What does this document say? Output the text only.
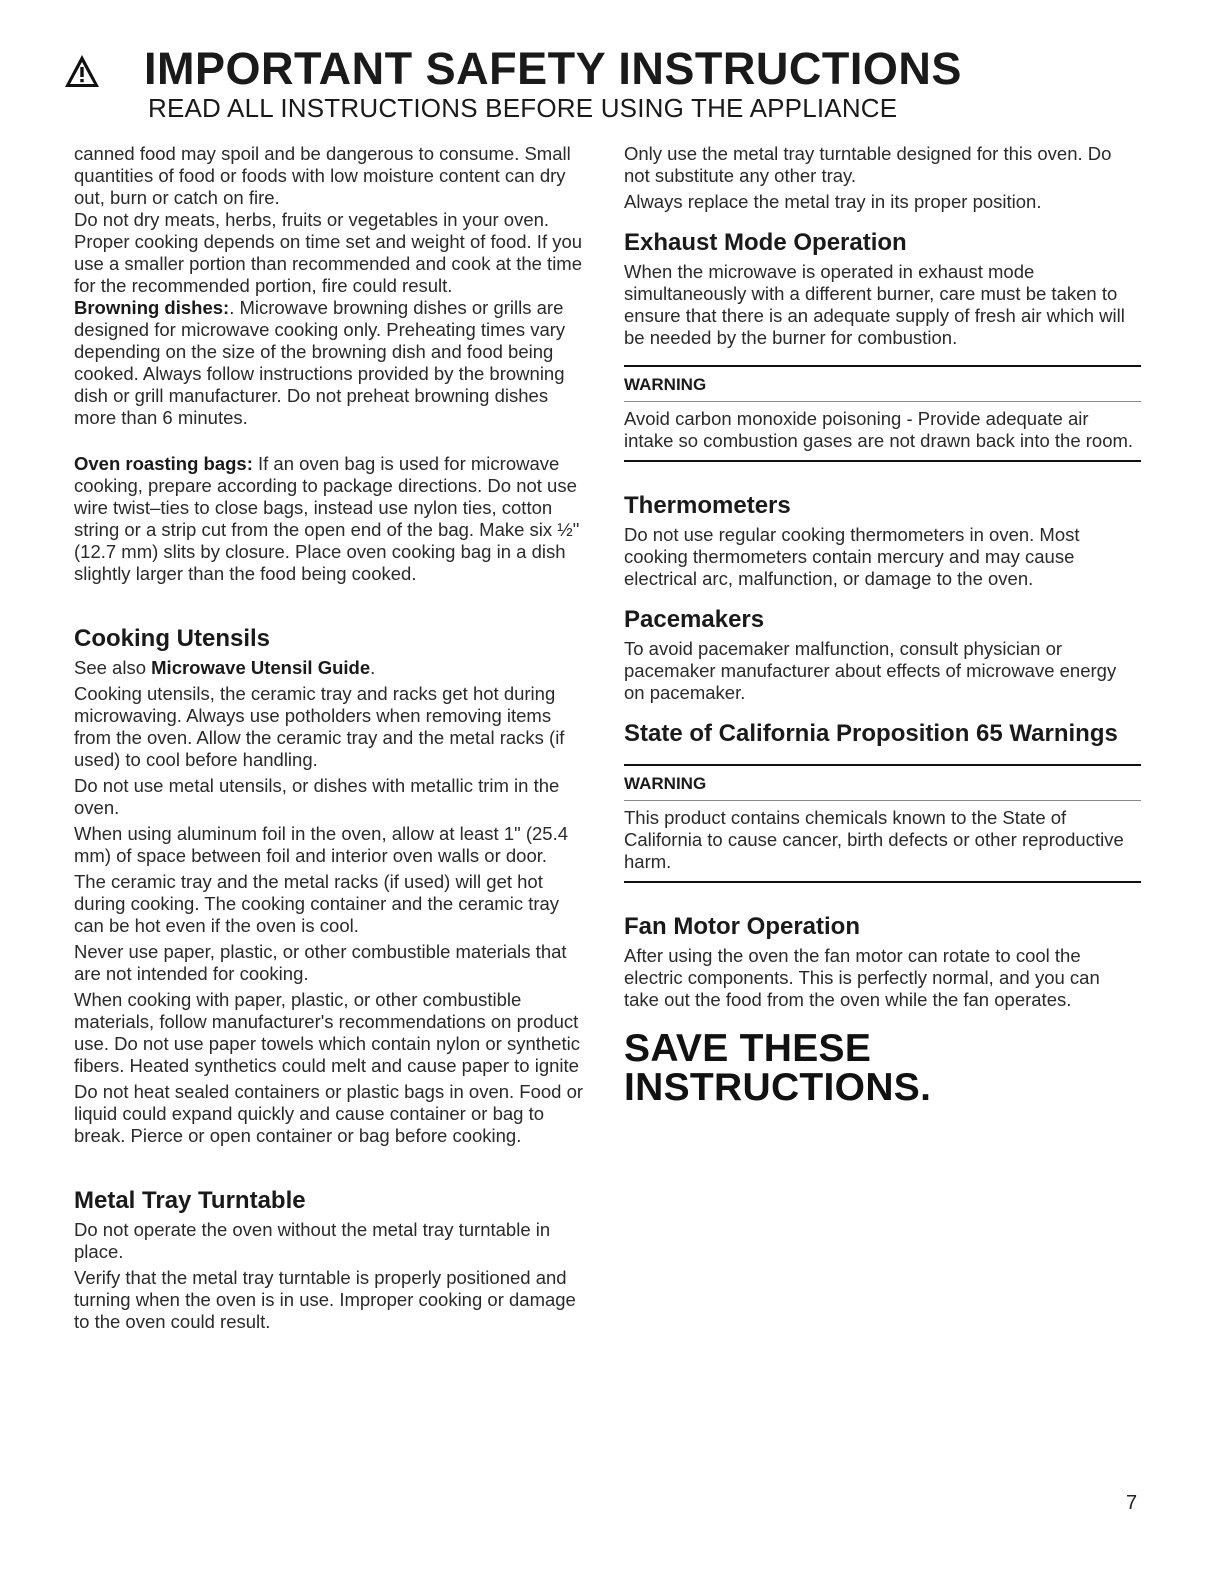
IMPORTANT SAFETY INSTRUCTIONS
READ ALL INSTRUCTIONS BEFORE USING THE APPLIANCE

canned food may spoil and be dangerous to consume. Small quantities of food or foods with low moisture content can dry out, burn or catch on fire.

Do not dry meats, herbs, fruits or vegetables in your oven.

Proper cooking depends on time set and weight of food. If you use a smaller portion than recommended and cook at the time for the recommended portion, fire could result.

Browning dishes:. Microwave browning dishes or grills are designed for microwave cooking only. Preheating times vary depending on the size of the browning dish and food being cooked. Always follow instructions provided by the browning dish or grill manufacturer. Do not preheat browning dishes more than 6 minutes.

Oven roasting bags: If an oven bag is used for microwave cooking, prepare according to package directions. Do not use wire twist–ties to close bags, instead use nylon ties, cotton string or a strip cut from the open end of the bag. Make six ½" (12.7 mm) slits by closure. Place oven cooking bag in a dish slightly larger than the food being cooked.

Cooking Utensils

See also Microwave Utensil Guide.

Cooking utensils, the ceramic tray and racks get hot during microwaving. Always use potholders when removing items from the oven. Allow the ceramic tray and the metal racks (if used) to cool before handling.

Do not use metal utensils, or dishes with metallic trim in the oven.

When using aluminum foil in the oven, allow at least 1" (25.4 mm) of space between foil and interior oven walls or door.

The ceramic tray and the metal racks (if used) will get hot during cooking. The cooking container and the ceramic tray can be hot even if the oven is cool.

Never use paper, plastic, or other combustible materials that are not intended for cooking.

When cooking with paper, plastic, or other combustible materials, follow manufacturer's recommendations on product use. Do not use paper towels which contain nylon or synthetic fibers. Heated synthetics could melt and cause paper to ignite

Do not heat sealed containers or plastic bags in oven. Food or liquid could expand quickly and cause container or bag to break. Pierce or open container or bag before cooking.

Metal Tray Turntable

Do not operate the oven without the metal tray turntable in place.

Verify that the metal tray turntable is properly positioned and turning when the oven is in use. Improper cooking or damage to the oven could result.

Only use the metal tray turntable designed for this oven. Do not substitute any other tray.

Always replace the metal tray in its proper position.

Exhaust Mode Operation

When the microwave is operated in exhaust mode simultaneously with a different burner, care must be taken to ensure that there is an adequate supply of fresh air which will be needed by the burner for combustion.

WARNING

Avoid carbon monoxide poisoning - Provide adequate air intake so combustion gases are not drawn back into the room.

Thermometers

Do not use regular cooking thermometers in oven. Most cooking thermometers contain mercury and may cause electrical arc, malfunction, or damage to the oven.

Pacemakers

To avoid pacemaker malfunction, consult physician or pacemaker manufacturer about effects of microwave energy on pacemaker.

State of California Proposition 65 Warnings
WARNING

This product contains chemicals known to the State of California to cause cancer, birth defects or other reproductive harm.

Fan Motor Operation

After using the oven the fan motor can rotate to cool the electric components. This is perfectly normal, and you can take out the food from the oven while the fan operates.

SAVE THESE INSTRUCTIONS.
7
